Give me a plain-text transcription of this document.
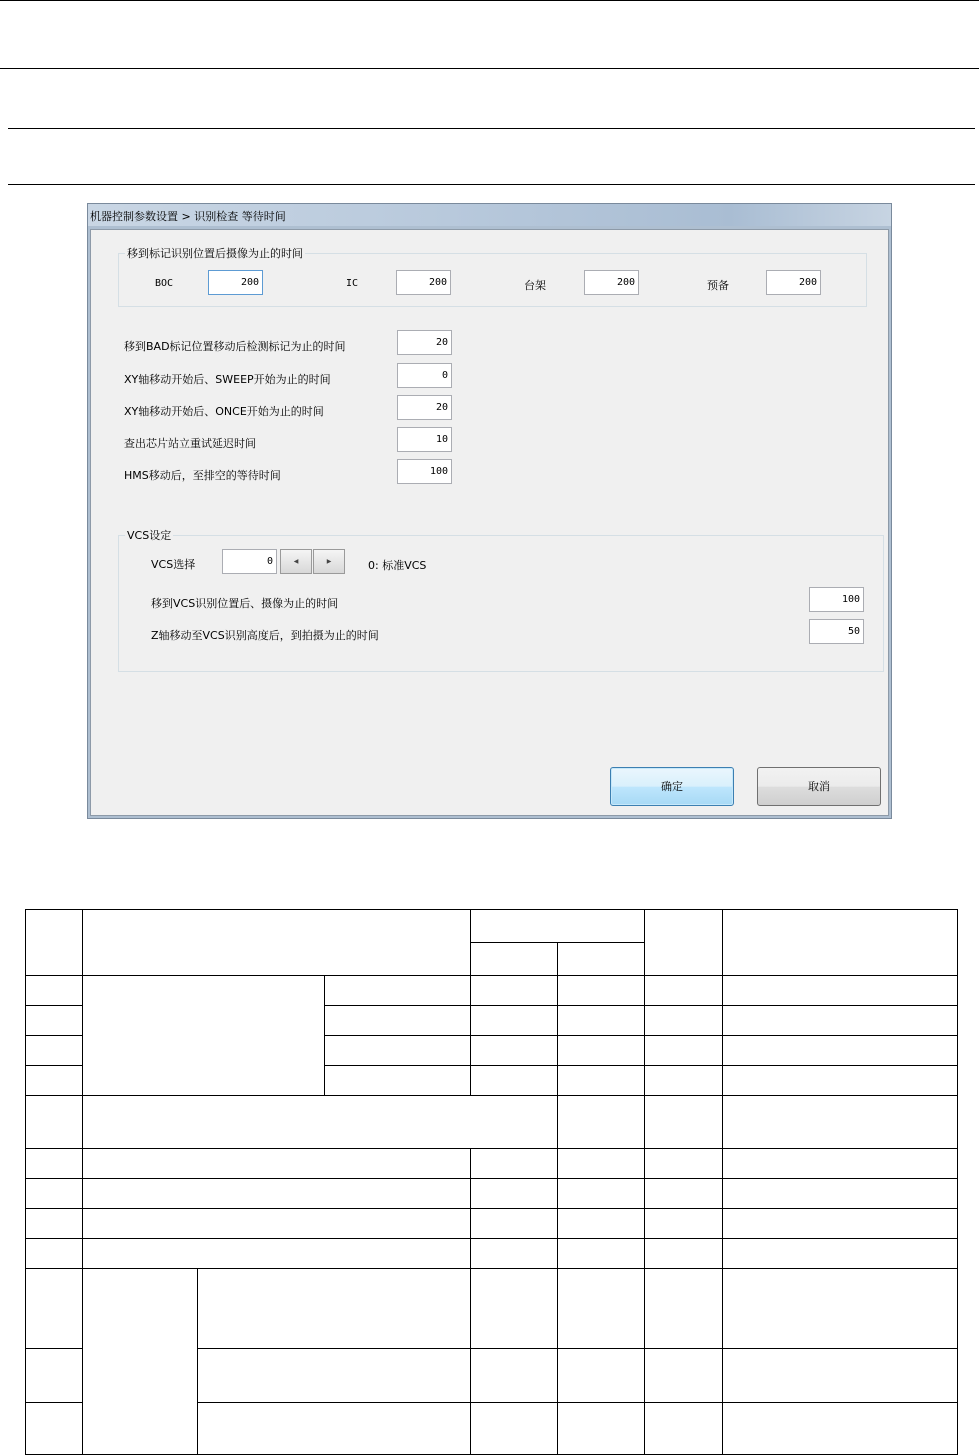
机器控制参数设置 > 识别检查 等待时间
移到标记识别位置后摄像为止的时间
BOC	200	IC	200	台架	200	预备	200
移到BAD标记位置移动后检测标记为止的时间	20
XY轴移动开始后、SWEEP开始为止的时间	0
XY轴移动开始后、ONCE开始为止的时间	20
查出芯片站立重试延迟时间	10
HMS移动后，至排空的等待时间	100
VCS设定
VCS选择	0	◀	▶	0: 标准VCS
移到VCS识别位置后、摄像为止的时间	100
Z轴移动至VCS识别高度后，到拍摄为止的时间	50
确定	取消
